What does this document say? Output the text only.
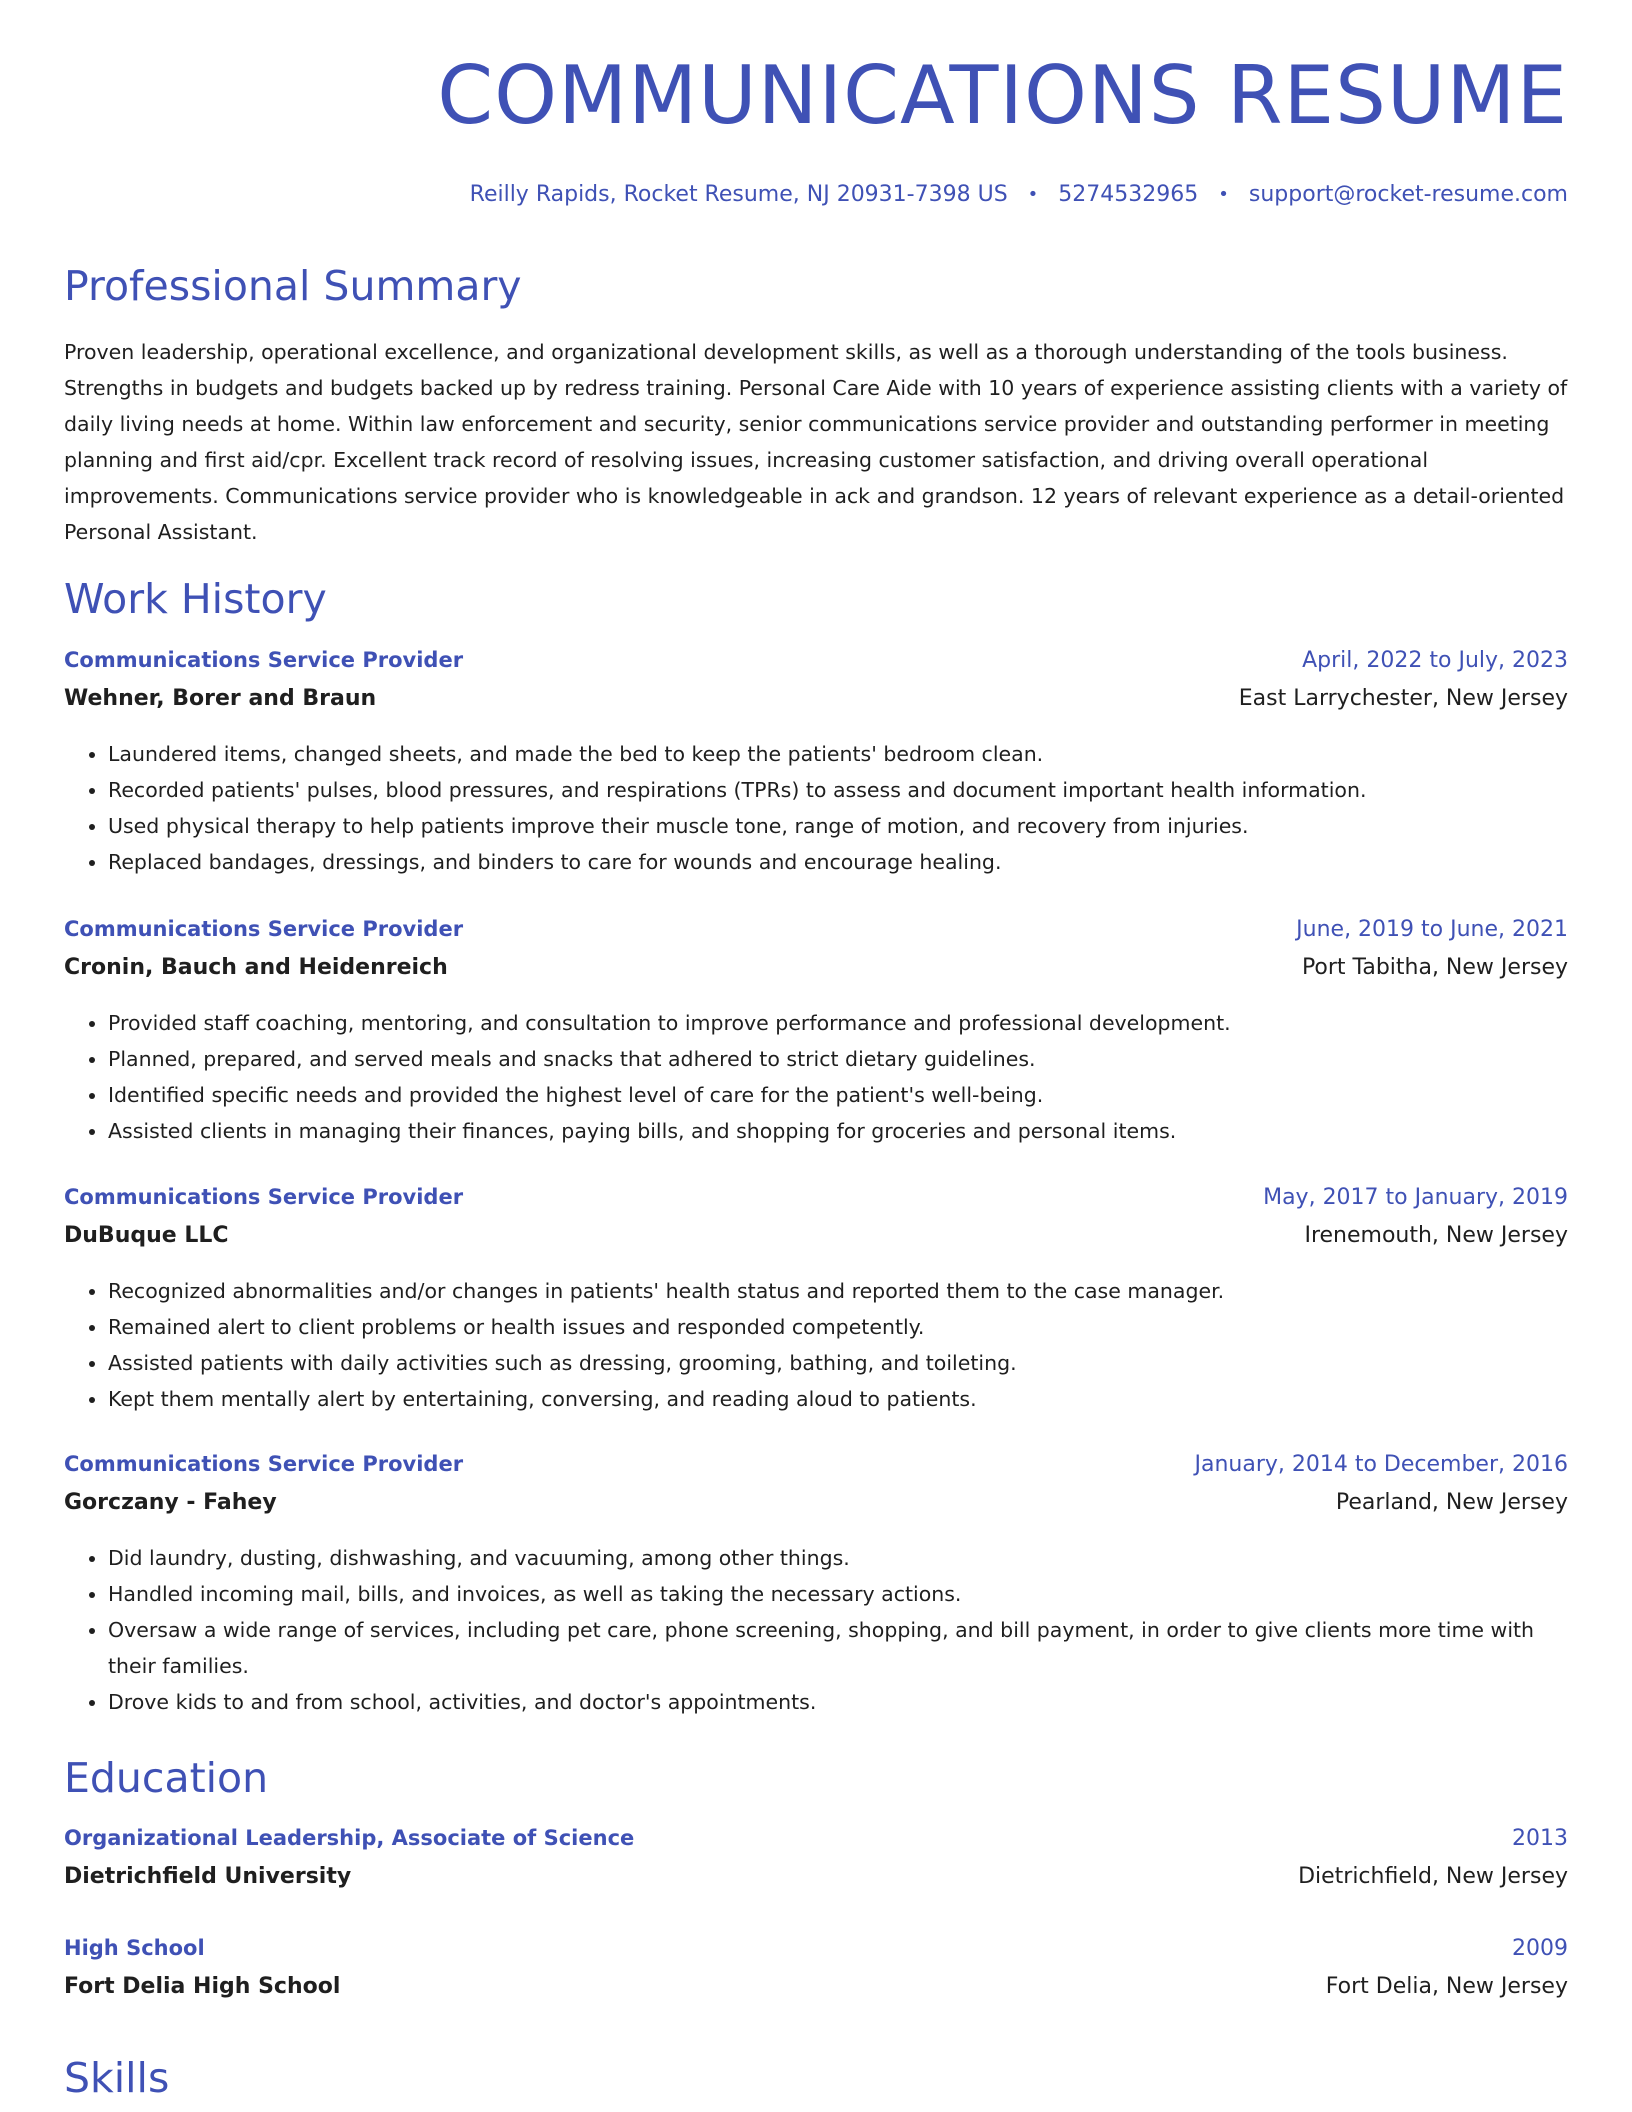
COMMUNICATIONS RESUME
Reilly Rapids, Rocket Resume, NJ 20931-7398 US • 5274532965 • support@rocket-resume.com
Professional Summary

Proven leadership, operational excellence, and organizational development skills, as well as a thorough understanding of the tools business. Strengths in budgets and budgets backed up by redress training. Personal Care Aide with 10 years of experience assisting clients with a variety of daily living needs at home. Within law enforcement and security, senior communications service provider and outstanding performer in meeting planning and first aid/cpr. Excellent track record of resolving issues, increasing customer satisfaction, and driving overall operational improvements. Communications service provider who is knowledgeable in ack and grandson. 12 years of relevant experience as a detail-oriented Personal Assistant.

Work History
Communications Service Provider	April, 2022 to July, 2023
Wehner, Borer and Braun	East Larrychester, New Jersey
• Laundered items, changed sheets, and made the bed to keep the patients' bedroom clean.
• Recorded patients' pulses, blood pressures, and respirations (TPRs) to assess and document important health information.
• Used physical therapy to help patients improve their muscle tone, range of motion, and recovery from injuries.
• Replaced bandages, dressings, and binders to care for wounds and encourage healing.
Communications Service Provider	June, 2019 to June, 2021
Cronin, Bauch and Heidenreich	Port Tabitha, New Jersey
• Provided staff coaching, mentoring, and consultation to improve performance and professional development.
• Planned, prepared, and served meals and snacks that adhered to strict dietary guidelines.
• Identified specific needs and provided the highest level of care for the patient's well-being.
• Assisted clients in managing their finances, paying bills, and shopping for groceries and personal items.
Communications Service Provider	May, 2017 to January, 2019
DuBuque LLC	Irenemouth, New Jersey
• Recognized abnormalities and/or changes in patients' health status and reported them to the case manager.
• Remained alert to client problems or health issues and responded competently.
• Assisted patients with daily activities such as dressing, grooming, bathing, and toileting.
• Kept them mentally alert by entertaining, conversing, and reading aloud to patients.
Communications Service Provider	January, 2014 to December, 2016
Gorczany - Fahey	Pearland, New Jersey
• Did laundry, dusting, dishwashing, and vacuuming, among other things.
• Handled incoming mail, bills, and invoices, as well as taking the necessary actions.
• Oversaw a wide range of services, including pet care, phone screening, shopping, and bill payment, in order to give clients more time with their families.
• Drove kids to and from school, activities, and doctor's appointments.
Education
Organizational Leadership, Associate of Science	2013
Dietrichfield University	Dietrichfield, New Jersey
High School	2009
Fort Delia High School	Fort Delia, New Jersey
Skills
